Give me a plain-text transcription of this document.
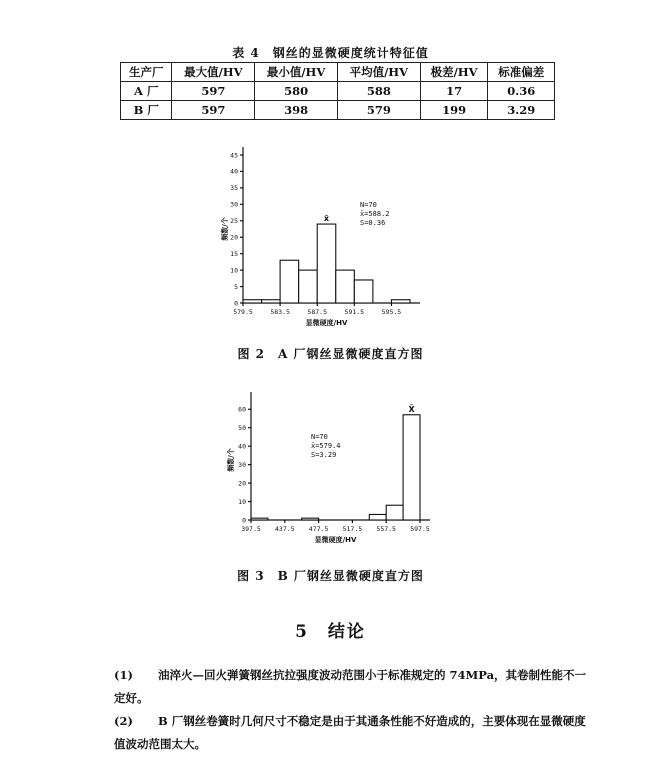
表 4　钢丝的显微硬度统计特征值
生产厂	最大值/HV	最小值/HV	平均值/HV	极差/HV	标准偏差
A 厂	597	580	588	17	0.36
B 厂	597	398	579	199	3.29
0
5
10
15
20
25
30
35
40
45
579.5	583.5	587.5	591.5	595.5
x̄
N=70
x̄=588.2
S=0.36
显微硬度/HV
频数/个
图 2　A 厂钢丝显微硬度直方图
0
10
20
30
40
50
60
397.5 437.5 477.5 517.5 557.5 597.5
X̄
N=70
x̄=579.4
S=3.29
显微硬度/HV
频数/个
图 3　B 厂钢丝显微硬度直方图
5　结论
(1) 油淬火—回火弹簧钢丝抗拉强度波动范围小于标准规定的 74MPa，其卷制性能不一定好。
(2) B 厂钢丝卷簧时几何尺寸不稳定是由于其通条性能不好造成的，主要体现在显微硬度值波动范围太大。
